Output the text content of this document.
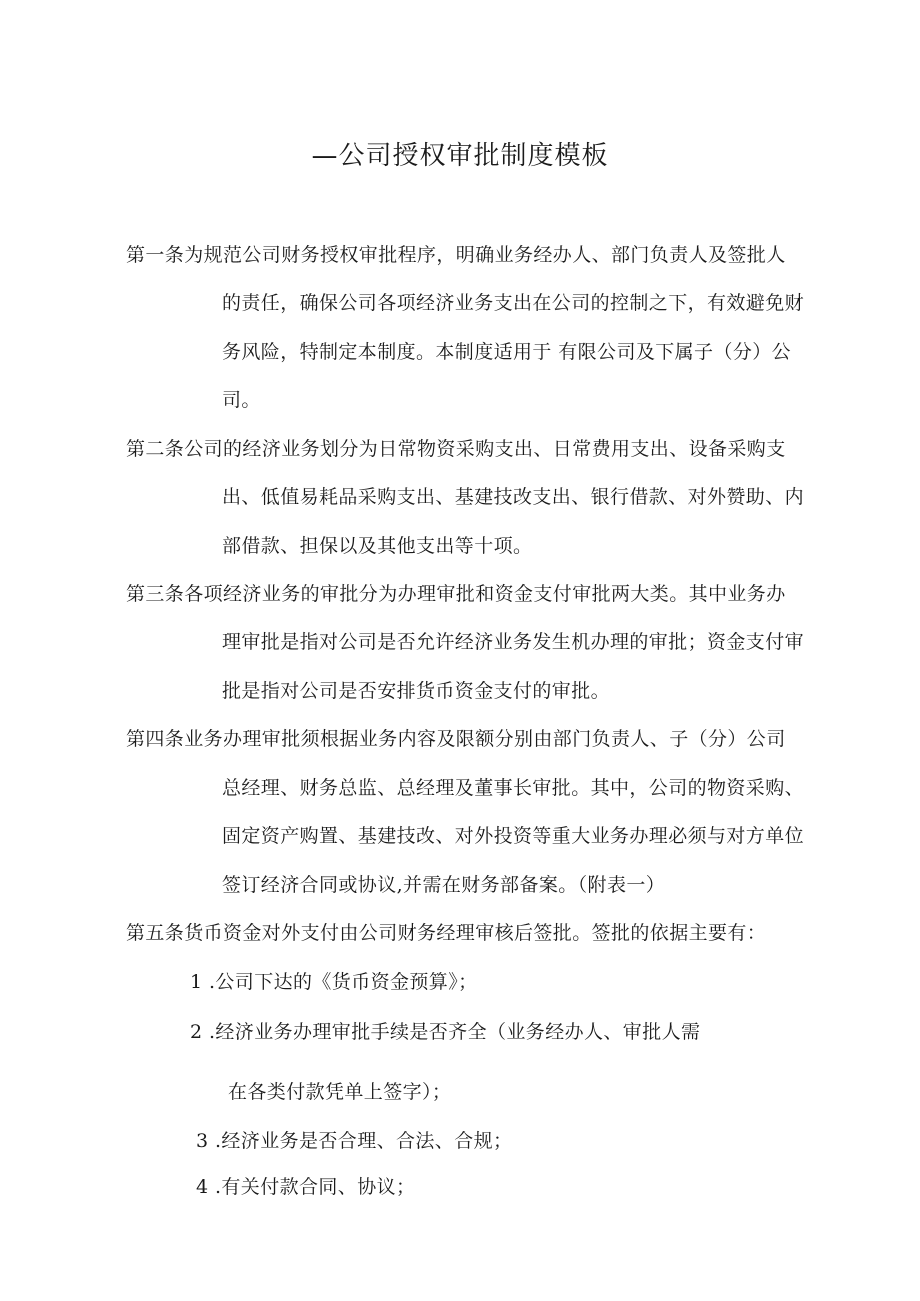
—公司授权审批制度模板
第一条为规范公司财务授权审批程序，明确业务经办人、部门负责人及签批人
的责任，确保公司各项经济业务支出在公司的控制之下，有效避免财
务风险，特制定本制度。本制度适用于 有限公司及下属子（分）公
司。
第二条公司的经济业务划分为日常物资采购支出、日常费用支出、设备采购支
出、低值易耗品采购支出、基建技改支出、银行借款、对外赞助、内
部借款、担保以及其他支出等十项。
第三条各项经济业务的审批分为办理审批和资金支付审批两大类。其中业务办
理审批是指对公司是否允许经济业务发生机办理的审批；资金支付审
批是指对公司是否安排货币资金支付的审批。
第四条业务办理审批须根据业务内容及限额分别由部门负责人、子（分）公司
总经理、财务总监、总经理及董事长审批。其中，公司的物资采购、
固定资产购置、基建技改、对外投资等重大业务办理必须与对方单位
签订经济合同或协议,并需在财务部备案。（附表一）
第五条货币资金对外支付由公司财务经理审核后签批。签批的依据主要有：
1 .公司下达的《货币资金预算》；
2 .经济业务办理审批手续是否齐全（业务经办人、审批人需
在各类付款凭单上签字）；
3 .经济业务是否合理、合法、合规；
4 .有关付款合同、协议；
